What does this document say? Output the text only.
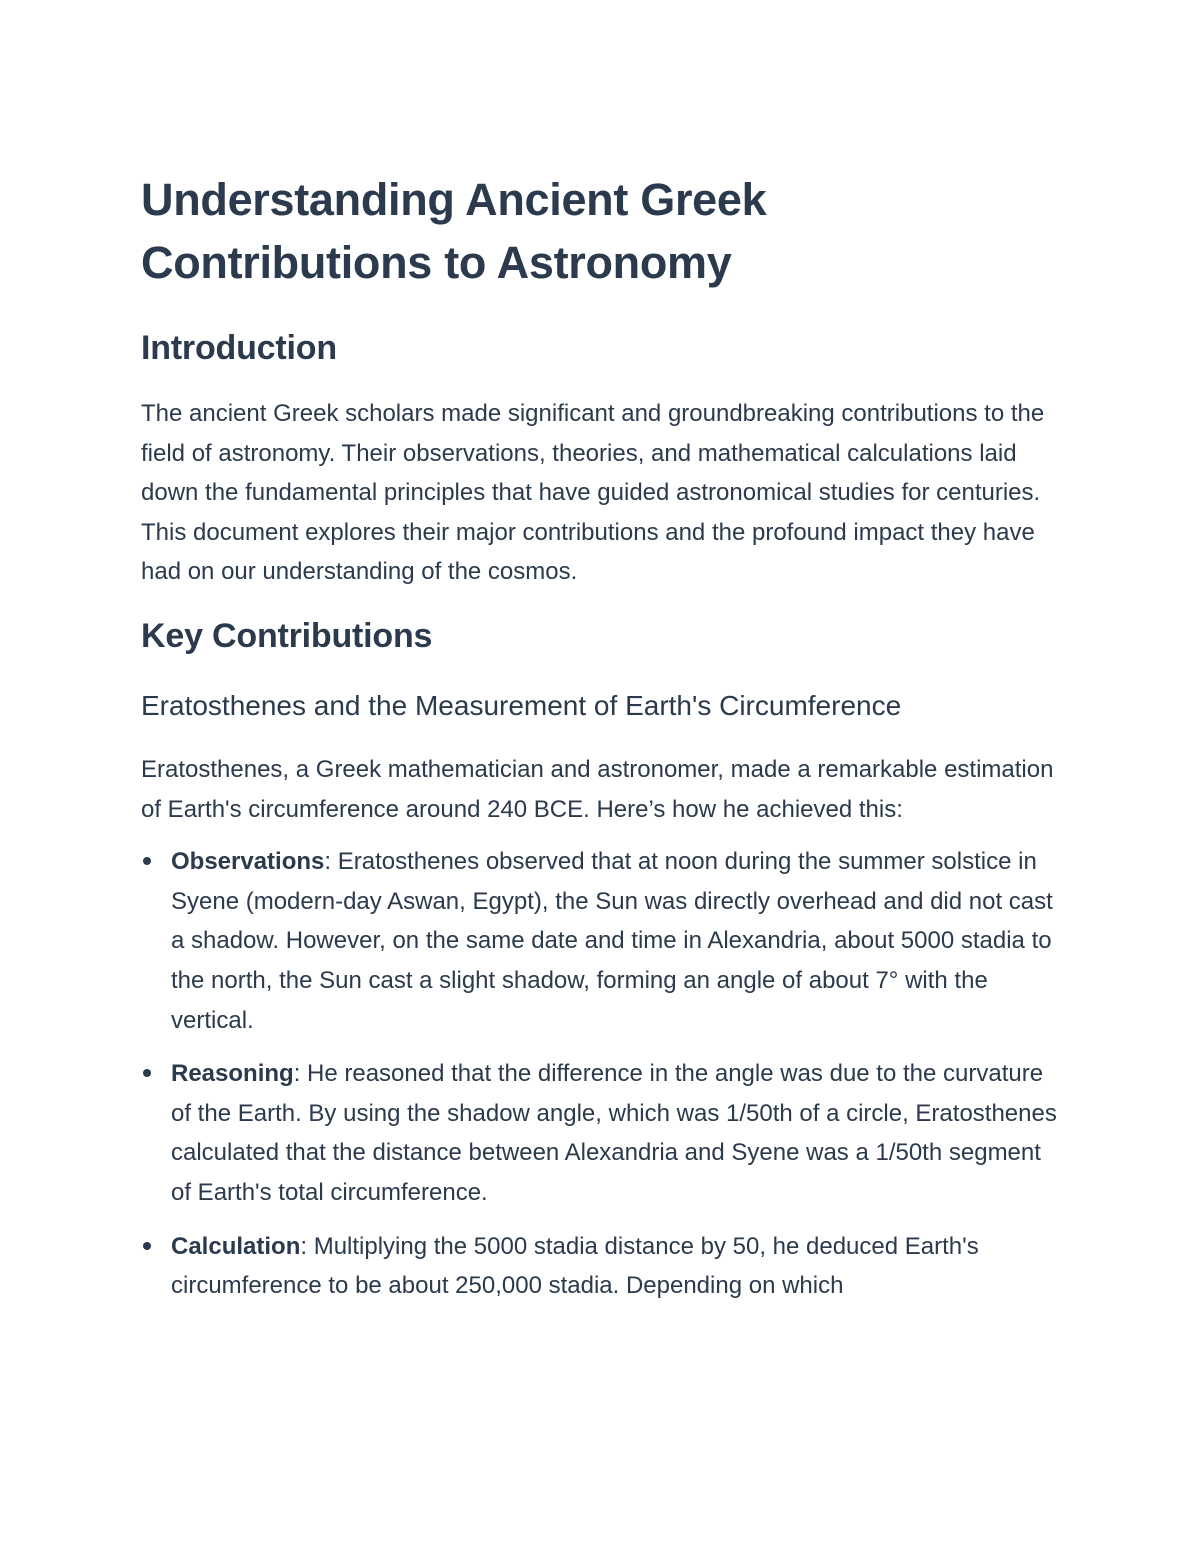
Understanding Ancient Greek Contributions to Astronomy
Introduction

The ancient Greek scholars made significant and groundbreaking contributions to the field of astronomy. Their observations, theories, and mathematical calculations laid down the fundamental principles that have guided astronomical studies for centuries. This document explores their major contributions and the profound impact they have had on our understanding of the cosmos.

Key Contributions
Eratosthenes and the Measurement of Earth's Circumference

Eratosthenes, a Greek mathematician and astronomer, made a remarkable estimation of Earth's circumference around 240 BCE. Here’s how he achieved this:

Observations: Eratosthenes observed that at noon during the summer solstice in Syene (modern-day Aswan, Egypt), the Sun was directly overhead and did not cast a shadow. However, on the same date and time in Alexandria, about 5000 stadia to the north, the Sun cast a slight shadow, forming an angle of about 7° with the vertical.
Reasoning: He reasoned that the difference in the angle was due to the curvature of the Earth. By using the shadow angle, which was 1/50th of a circle, Eratosthenes calculated that the distance between Alexandria and Syene was a 1/50th segment of Earth's total circumference.
Calculation: Multiplying the 5000 stadia distance by 50, he deduced Earth's circumference to be about 250,000 stadia. Depending on which
